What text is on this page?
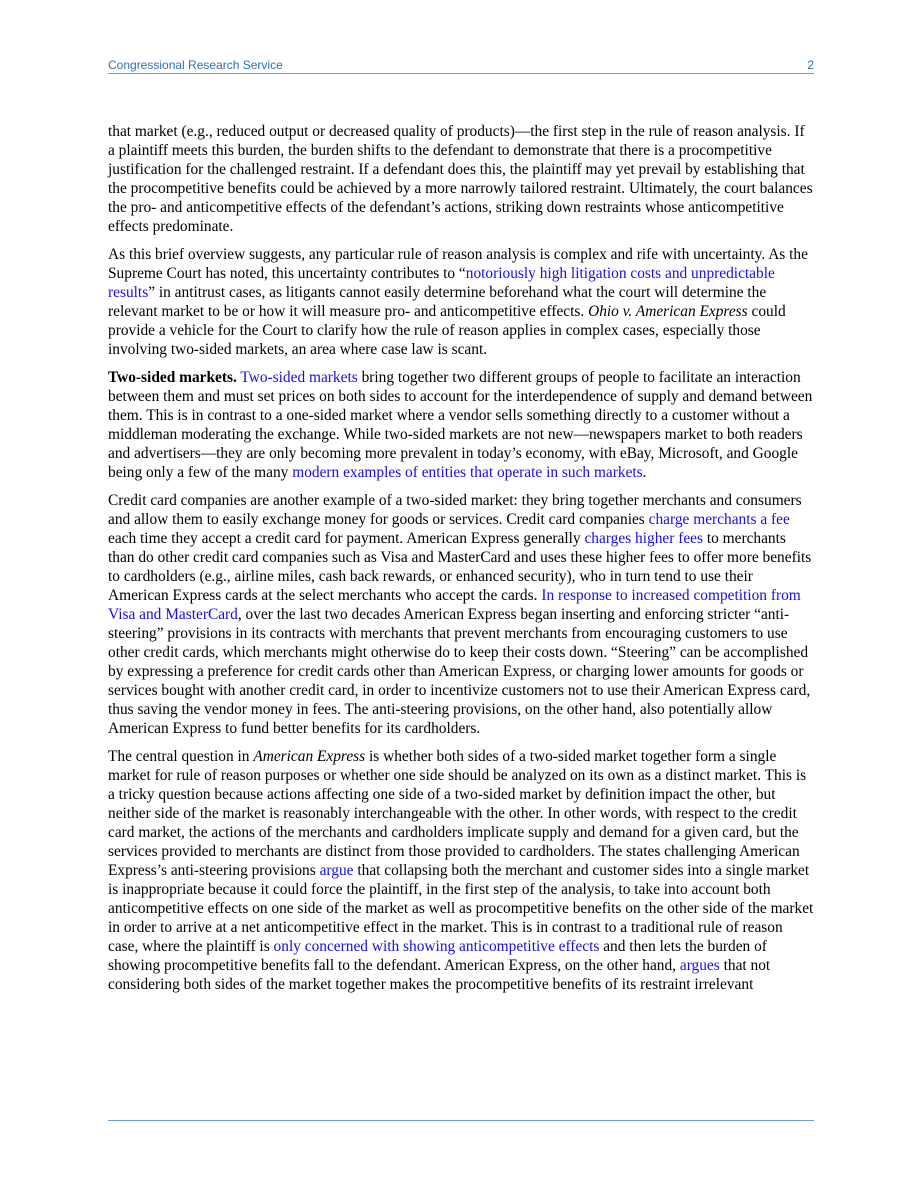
Congressional Research Service	2

that market (e.g., reduced output or decreased quality of products)—the first step in the rule of reason analysis. If a plaintiff meets this burden, the burden shifts to the defendant to demonstrate that there is a procompetitive justification for the challenged restraint. If a defendant does this, the plaintiff may yet prevail by establishing that the procompetitive benefits could be achieved by a more narrowly tailored restraint. Ultimately, the court balances the pro- and anticompetitive effects of the defendant’s actions, striking down restraints whose anticompetitive effects predominate.

As this brief overview suggests, any particular rule of reason analysis is complex and rife with uncertainty. As the Supreme Court has noted, this uncertainty contributes to “notoriously high litigation costs and unpredictable results” in antitrust cases, as litigants cannot easily determine beforehand what the court will determine the relevant market to be or how it will measure pro- and anticompetitive effects. Ohio v. American Express could provide a vehicle for the Court to clarify how the rule of reason applies in complex cases, especially those involving two-sided markets, an area where case law is scant.

Two-sided markets. Two-sided markets bring together two different groups of people to facilitate an interaction between them and must set prices on both sides to account for the interdependence of supply and demand between them. This is in contrast to a one-sided market where a vendor sells something directly to a customer without a middleman moderating the exchange. While two-sided markets are not new—newspapers market to both readers and advertisers—they are only becoming more prevalent in today’s economy, with eBay, Microsoft, and Google being only a few of the many modern examples of entities that operate in such markets.

Credit card companies are another example of a two-sided market: they bring together merchants and consumers and allow them to easily exchange money for goods or services. Credit card companies charge merchants a fee each time they accept a credit card for payment. American Express generally charges higher fees to merchants than do other credit card companies such as Visa and MasterCard and uses these higher fees to offer more benefits to cardholders (e.g., airline miles, cash back rewards, or enhanced security), who in turn tend to use their American Express cards at the select merchants who accept the cards. In response to increased competition from Visa and MasterCard, over the last two decades American Express began inserting and enforcing stricter “anti-steering” provisions in its contracts with merchants that prevent merchants from encouraging customers to use other credit cards, which merchants might otherwise do to keep their costs down. “Steering” can be accomplished by expressing a preference for credit cards other than American Express, or charging lower amounts for goods or services bought with another credit card, in order to incentivize customers not to use their American Express card, thus saving the vendor money in fees. The anti-steering provisions, on the other hand, also potentially allow American Express to fund better benefits for its cardholders.

The central question in American Express is whether both sides of a two-sided market together form a single market for rule of reason purposes or whether one side should be analyzed on its own as a distinct market. This is a tricky question because actions affecting one side of a two-sided market by definition impact the other, but neither side of the market is reasonably interchangeable with the other. In other words, with respect to the credit card market, the actions of the merchants and cardholders implicate supply and demand for a given card, but the services provided to merchants are distinct from those provided to cardholders. The states challenging American Express’s anti-steering provisions argue that collapsing both the merchant and customer sides into a single market is inappropriate because it could force the plaintiff, in the first step of the analysis, to take into account both anticompetitive effects on one side of the market as well as procompetitive benefits on the other side of the market in order to arrive at a net anticompetitive effect in the market. This is in contrast to a traditional rule of reason case, where the plaintiff is only concerned with showing anticompetitive effects and then lets the burden of showing procompetitive benefits fall to the defendant. American Express, on the other hand, argues that not considering both sides of the market together makes the procompetitive benefits of its restraint irrelevant
